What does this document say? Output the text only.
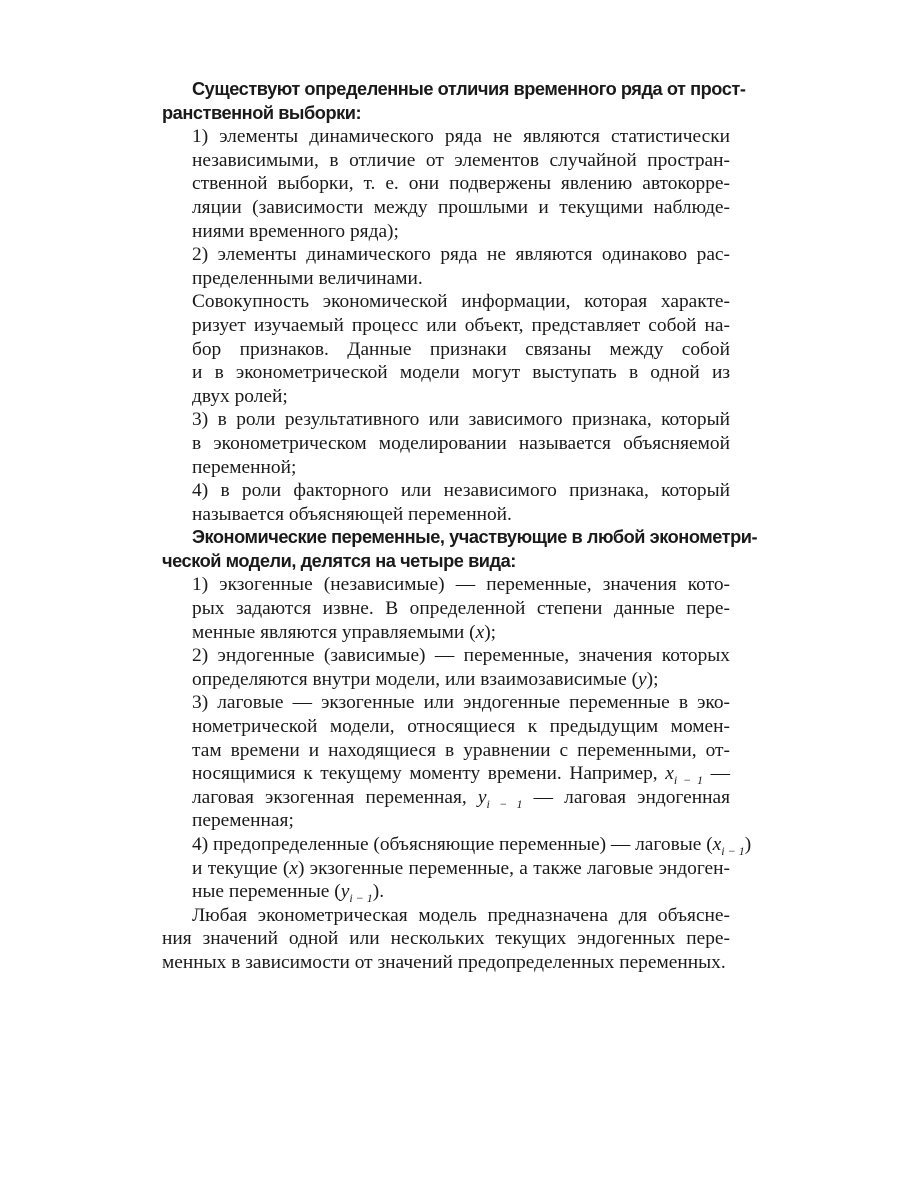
Существуют определенные отличия временного ряда от прост-
ранственной выборки:
1) элементы динамического ряда не являются статистически
независимыми, в отличие от элементов случайной простран-
ственной выборки, т. е. они подвержены явлению автокорре-
ляции (зависимости между прошлыми и текущими наблюде-
ниями временного ряда);
2) элементы динамического ряда не являются одинаково рас-
пределенными величинами.
Совокупность экономической информации, которая характе-
ризует изучаемый процесс или объект, представляет собой на-
бор признаков. Данные признаки связаны между собой
и в эконометрической модели могут выступать в одной из
двух ролей;
3) в роли результативного или зависимого признака, который
в эконометрическом моделировании называется объясняемой
переменной;
4) в роли факторного или независимого признака, который
называется объясняющей переменной.
Экономические переменные, участвующие в любой эконометри-
ческой модели, делятся на четыре вида:
1) экзогенные (независимые) — переменные, значения кото-
рых задаются извне. В определенной степени данные пере-
менные являются управляемыми (x);
2) эндогенные (зависимые) — переменные, значения которых
определяются внутри модели, или взаимозависимые (y);
3) лаговые — экзогенные или эндогенные переменные в эко-
нометрической модели, относящиеся к предыдущим момен-
там времени и находящиеся в уравнении с переменными, от-
носящимися к текущему моменту времени. Например, $x_{i - 1}$ —
лаговая экзогенная переменная, $y_{i - 1}$ — лаговая эндогенная
переменная;
4) предопределенные (объясняющие переменные) — лаговые $(x_{i - 1})$
и текущие (x) экзогенные переменные, а также лаговые эндоген-
ные переменные $(y_{i - 1})$.
Любая эконометрическая модель предназначена для объясне-
ния значений одной или нескольких текущих эндогенных пере-
менных в зависимости от значений предопределенных переменных.
